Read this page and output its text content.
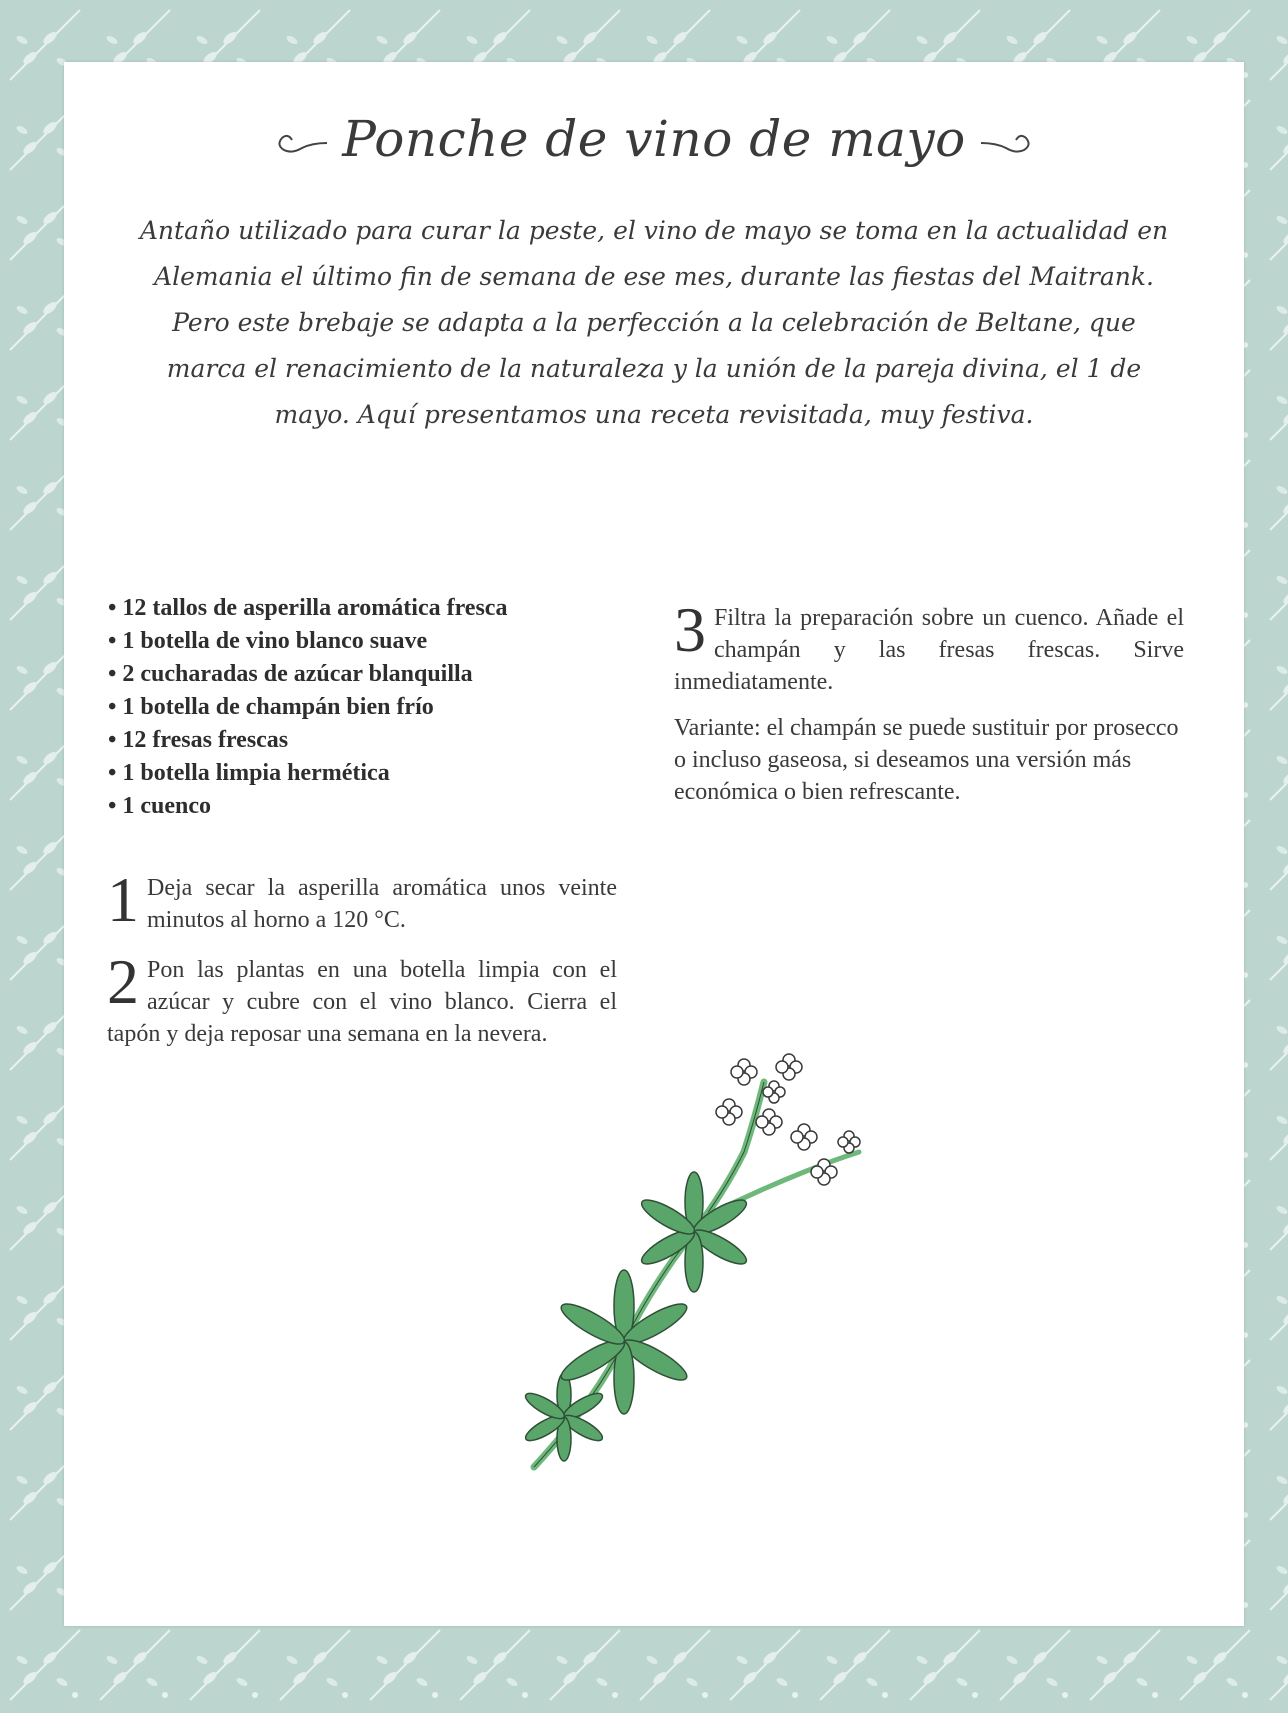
Ponche de vino de mayo
Antaño utilizado para curar la peste, el vino de mayo se toma en la actualidad en Alemania el último fin de semana de ese mes, durante las fiestas del Maitrank. Pero este brebaje se adapta a la perfección a la celebración de Beltane, que marca el renacimiento de la naturaleza y la unión de la pareja divina, el 1 de mayo. Aquí presentamos una receta revisitada, muy festiva.
• 12 tallos de asperilla aromática fresca
• 1 botella de vino blanco suave
• 2 cucharadas de azúcar blanquilla
• 1 botella de champán bien frío
• 12 fresas frescas
• 1 botella limpia hermética
• 1 cuenco
1 Deja secar la asperilla aromática unos veinte minutos al horno a 120 °C.
2 Pon las plantas en una botella limpia con el azúcar y cubre con el vino blanco. Cierra el tapón y deja reposar una semana en la nevera.
3 Filtra la preparación sobre un cuenco. Añade el champán y las fresas frescas. Sirve inmediatamente.
Variante: el champán se puede sustituir por prosecco o incluso gaseosa, si deseamos una versión más económica o bien refrescante.
